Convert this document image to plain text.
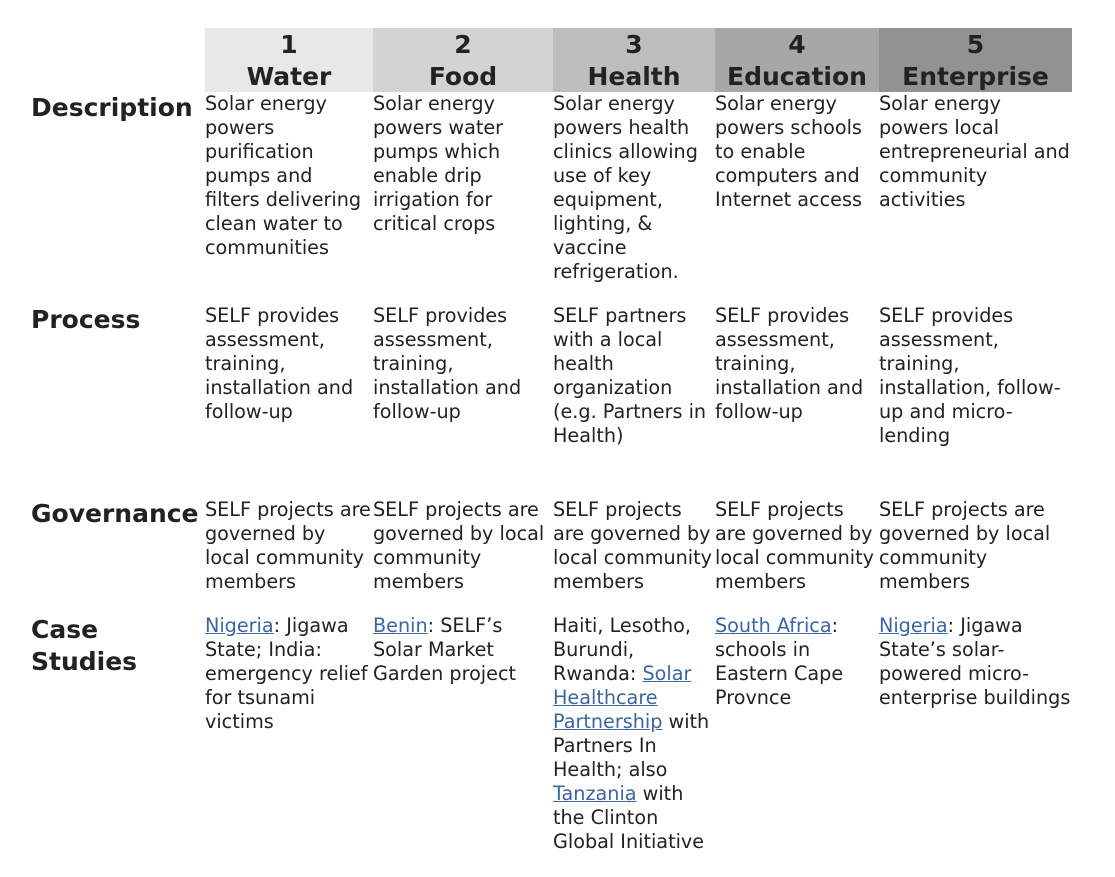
1
Water
2
Food
3
Health
4
Education
5
Enterprise
Description Solar energy powers purification pumps and filters delivering clean water to communities
Solar energy powers water pumps which enable drip irrigation for critical crops
Solar energy powers health clinics allowing use of key equipment, lighting, & vaccine refrigeration.
Solar energy powers schools to enable computers and Internet access
Solar energy powers local entrepreneurial and community activities
Process	SELF provides assessment, training, installation and follow-up
SELF provides assessment, training, installation and follow-up
SELF partners with a local health organization (e.g. Partners in Health)
SELF provides assessment, training, installation and follow-up
SELF provides assessment, training, installation, follow-up and micro-lending
Governance SELF projects are governed by local community members
SELF projects are governed by local community members
SELF projects are governed by local community members
SELF projects are governed by local community members
SELF projects are governed by local community members
Case Studies
Nigeria: Jigawa State; India: emergency relief for tsunami victims
Benin: SELF’s Solar Market Garden project
Haiti, Lesotho, Burundi, Rwanda: Solar Healthcare Partnership with Partners In Health; also Tanzania with the Clinton Global Initiative
South Africa: schools in Eastern Cape Provnce
Nigeria: Jigawa State’s solar-powered micro-enterprise buildings
